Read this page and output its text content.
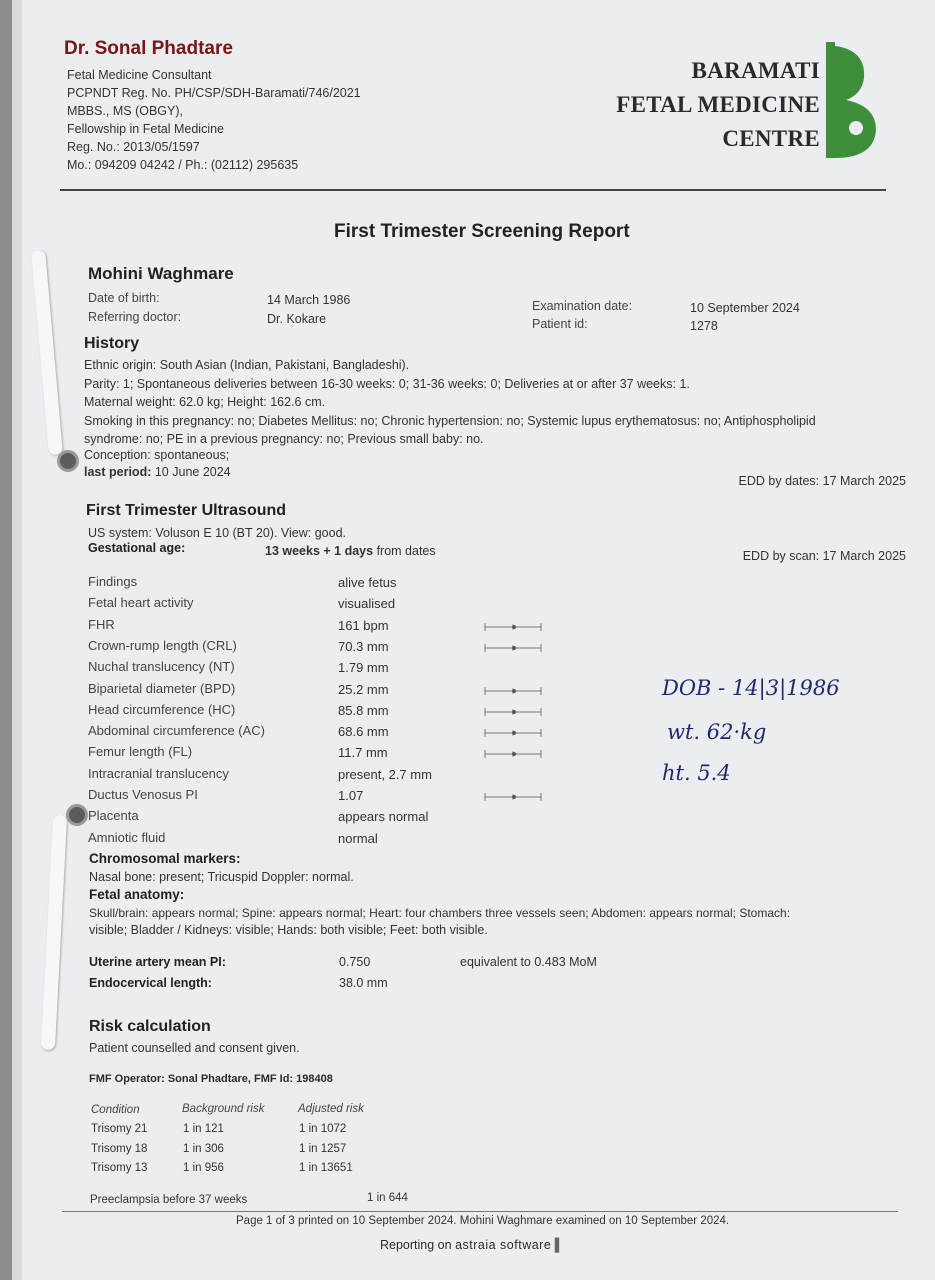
Dr. Sonal Phadtare
Fetal Medicine Consultant
PCPNDT Reg. No. PH/CSP/SDH-Baramati/746/2021
MBBS., MS (OBGY),
Fellowship in Fetal Medicine
Reg. No.: 2013/05/1597
Mo.: 094209 04242 / Ph.: (02112) 295635
BARAMATI
FETAL MEDICINE
CENTRE
First Trimester Screening Report
Mohini Waghmare
Date of birth:	14 March 1986
Referring doctor:	Dr. Kokare
Examination date:	10 September 2024
Patient id:	1278
History
Ethnic origin: South Asian (Indian, Pakistani, Bangladeshi).
Parity: 1; Spontaneous deliveries between 16-30 weeks: 0; 31-36 weeks: 0; Deliveries at or after 37 weeks: 1.
Maternal weight: 62.0 kg; Height: 162.6 cm.
Smoking in this pregnancy: no; Diabetes Mellitus: no; Chronic hypertension: no; Systemic lupus erythematosus: no; Antiphospholipid
syndrome: no; PE in a previous pregnancy: no; Previous small baby: no.
Conception: spontaneous;
last period: 10 June 2024
EDD by dates: 17 March 2025
First Trimester Ultrasound
US system: Voluson E 10 (BT 20). View: good.
Gestational age:	13 weeks + 1 days from dates	EDD by scan: 17 March 2025
Findings	alive fetus
Fetal heart activity	visualised
FHR	161 bpm
Crown-rump length (CRL)	70.3 mm
Nuchal translucency (NT)	1.79 mm
Biparietal diameter (BPD)	25.2 mm
Head circumference (HC)	85.8 mm
Abdominal circumference (AC)	68.6 mm
Femur length (FL)	11.7 mm
Intracranial translucency	present, 2.7 mm
Ductus Venosus PI	1.07
Placenta	appears normal
Amniotic fluid	normal
DOB - 14|3|1986
wt. 62·kg
ht. 5.4
Chromosomal markers:
Nasal bone: present; Tricuspid Doppler: normal.
Fetal anatomy:
Skull/brain: appears normal; Spine: appears normal; Heart: four chambers three vessels seen; Abdomen: appears normal; Stomach:
visible; Bladder / Kidneys: visible; Hands: both visible; Feet: both visible.
Uterine artery mean PI:	0.750	equivalent to 0.483 MoM
Endocervical length:	38.0 mm
Risk calculation
Patient counselled and consent given.
FMF Operator: Sonal Phadtare, FMF Id: 198408
Condition	Background risk	Adjusted risk
Trisomy 21	1 in 121	1 in 1072
Trisomy 18	1 in 306	1 in 1257
Trisomy 13	1 in 956	1 in 13651
Preeclampsia before 37 weeks	1 in 644
Page 1 of 3 printed on 10 September 2024. Mohini Waghmare examined on 10 September 2024.
Reporting on astraia software ▌
